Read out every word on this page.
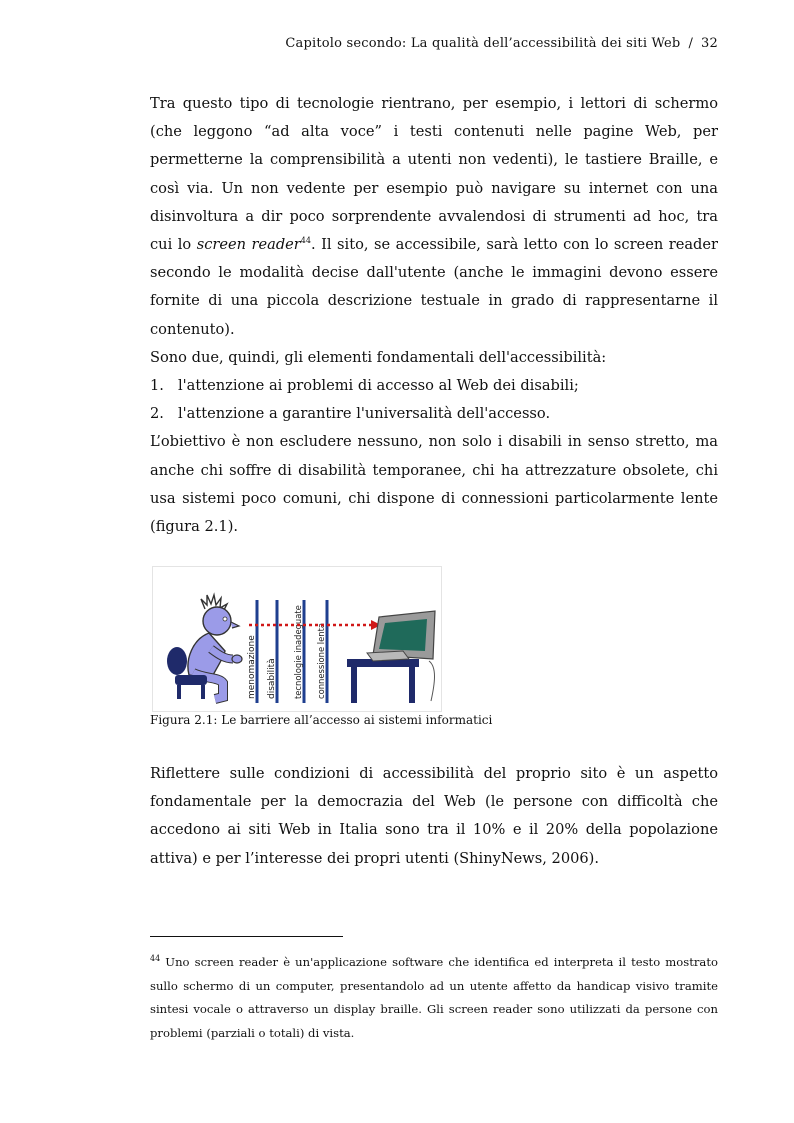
Capitolo secondo: La qualità dell’accessibilità dei siti Web / 32

Tra questo tipo di tecnologie rientrano, per esempio, i lettori di schermo (che leggono “ad alta voce” i testi contenuti nelle pagine Web, per permetterne la comprensibilità a utenti non vedenti), le tastiere Braille, e così via. Un non vedente per esempio può navigare su internet con una disinvoltura a dir poco sorprendente avvalendosi di strumenti ad hoc, tra cui lo screen reader$^{44}$. Il sito, se accessibile, sarà letto con lo screen reader secondo le modalità decise dall'utente (anche le immagini devono essere fornite di una piccola descrizione testuale in grado di rappresentarne il contenuto).

Sono due, quindi, gli elementi fondamentali dell'accessibilità:

1. l'attenzione ai problemi di accesso al Web dei disabili;
2. l'attenzione a garantire l'universalità dell'accesso.

L’obiettivo è non escludere nessuno, non solo i disabili in senso stretto, ma anche chi soffre di disabilità temporanee, chi ha attrezzature obsolete, chi usa sistemi poco comuni, chi dispone di connessioni particolarmente lente (figura 2.1).

menomazione disabilità tecnologie inadeguate connessione lenta
Figura 2.1: Le barriere all’accesso ai sistemi informatici

Riflettere sulle condizioni di accessibilità del proprio sito è un aspetto fondamentale per la democrazia del Web (le persone con difficoltà che accedono ai siti Web in Italia sono tra il 10% e il 20% della popolazione attiva) e per l’interesse dei propri utenti (ShinyNews, 2006).

$^{44}$ Uno screen reader è un'applicazione software che identifica ed interpreta il testo mostrato sullo schermo di un computer, presentandolo ad un utente affetto da handicap visivo tramite sintesi vocale o attraverso un display braille. Gli screen reader sono utilizzati da persone con problemi (parziali o totali) di vista.
